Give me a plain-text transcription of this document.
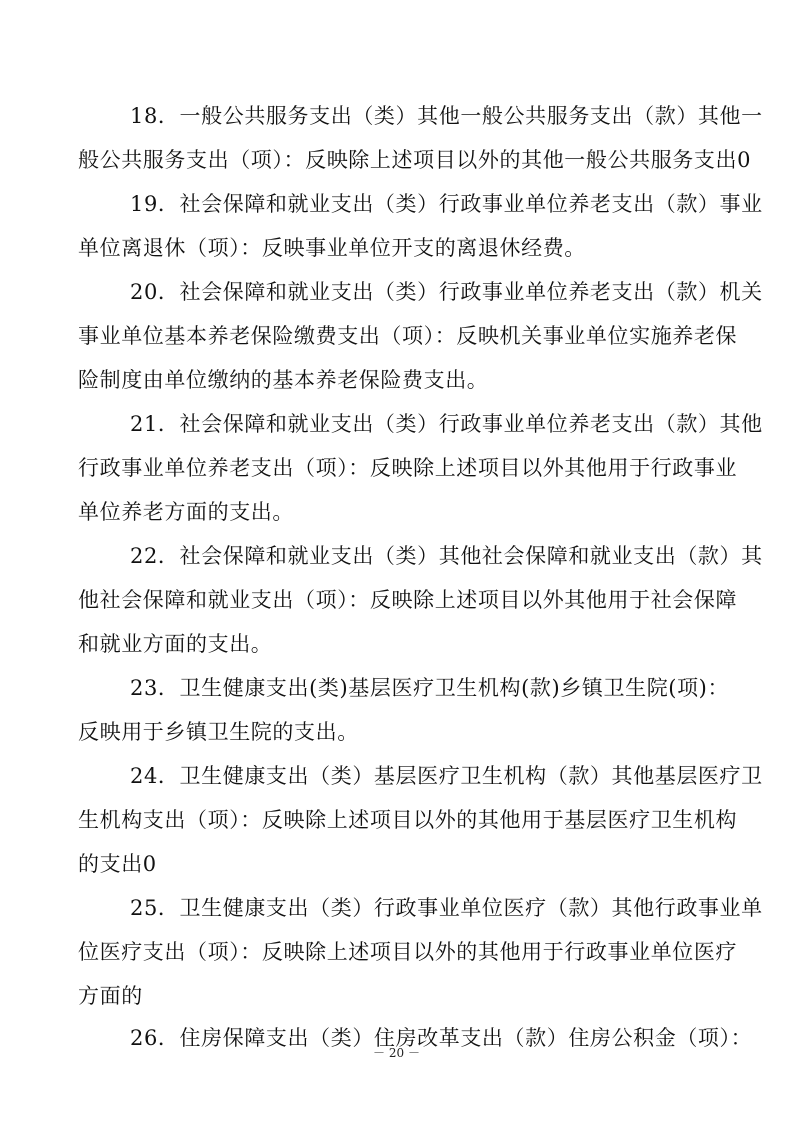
18．一般公共服务支出（类）其他一般公共服务支出（款）其他一
般公共服务支出（项）：反映除上述项目以外的其他一般公共服务支出0
19．社会保障和就业支出（类）行政事业单位养老支出（款）事业
单位离退休（项）：反映事业单位开支的离退休经费。
20．社会保障和就业支出（类）行政事业单位养老支出（款）机关
事业单位基本养老保险缴费支出（项）：反映机关事业单位实施养老保
险制度由单位缴纳的基本养老保险费支出。
21．社会保障和就业支出（类）行政事业单位养老支出（款）其他
行政事业单位养老支出（项）：反映除上述项目以外其他用于行政事业
单位养老方面的支出。
22．社会保障和就业支出（类）其他社会保障和就业支出（款）其
他社会保障和就业支出（项）：反映除上述项目以外其他用于社会保障
和就业方面的支出。
23．卫生健康支出(类)基层医疗卫生机构(款)乡镇卫生院(项)：
反映用于乡镇卫生院的支出。
24．卫生健康支出（类）基层医疗卫生机构（款）其他基层医疗卫
生机构支出（项）：反映除上述项目以外的其他用于基层医疗卫生机构
的支出0
25．卫生健康支出（类）行政事业单位医疗（款）其他行政事业单
位医疗支出（项）：反映除上述项目以外的其他用于行政事业单位医疗
方面的
26．住房保障支出（类）住房改革支出（款）住房公积金（项）：
－ 20 －
